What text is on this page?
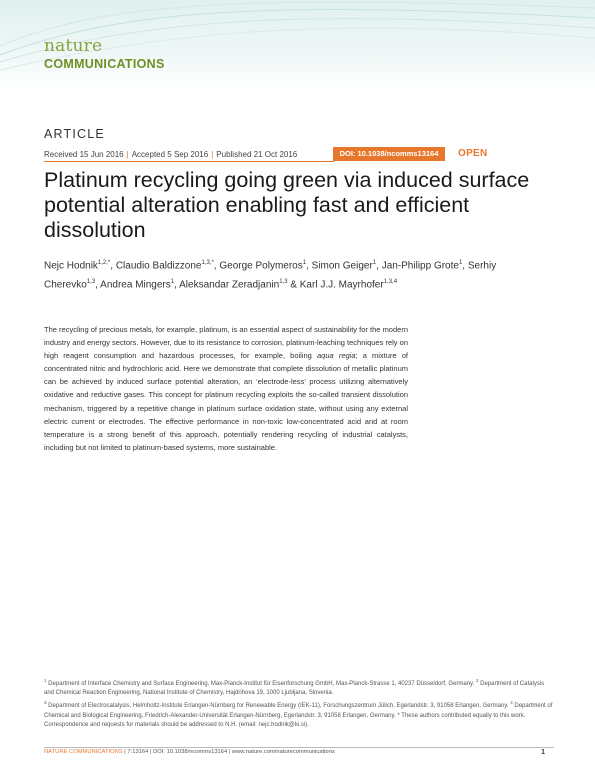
nature
COMMUNICATIONS
ARTICLE
Received 15 Jun 2016 | Accepted 5 Sep 2016 | Published 21 Oct 2016	DOI: 10.1038/ncomms13164	OPEN
Platinum recycling going green via induced surface potential alteration enabling fast and efficient dissolution
Nejc Hodnik$^{1,2,*}$, Claudio Baldizzone$^{1,3,*}$, George Polymeros$^1$, Simon Geiger$^1$, Jan-Philipp Grote$^1$, Serhiy Cherevko$^{1,3}$, Andrea Mingers$^1$, Aleksandar Zeradjanin$^{1,3}$ & Karl J.J. Mayrhofer$^{1,3,4}$
The recycling of precious metals, for example, platinum, is an essential aspect of sustainability for the modern industry and energy sectors. However, due to its resistance to corrosion, platinum-leaching techniques rely on high reagent consumption and hazardous processes, for example, boiling aqua regia; a mixture of concentrated nitric and hydrochloric acid. Here we demonstrate that complete dissolution of metallic platinum can be achieved by induced surface potential alteration, an ‘electrode-less’ process utilizing alternatively oxidative and reductive gases. This concept for platinum recycling exploits the so-called transient dissolution mechanism, triggered by a repetitive change in platinum surface oxidation state, without using any external electric current or electrodes. The effective performance in non-toxic low-concentrated acid and at room temperature is a strong benefit of this approach, potentially rendering recycling of industrial catalysts, including but not limited to platinum-based systems, more sustainable.
$^1$ Department of Interface Chemistry and Surface Engineering, Max-Planck-Institut für Eisenforschung GmbH, Max-Planck-Strasse 1, 40237 Düsseldorf, Germany. $^2$ Department of Catalysis and Chemical Reaction Engineering, National Institute of Chemistry, Hajdrihova 19, 1000 Ljubljana, Slovenia.
$^3$ Department of Electrocatalysis, Helmholtz-Institute Erlangen-Nürnberg for Renewable Energy (IEK-11), Forschungszentrum Jülich, Egerlandstr. 3, 91058 Erlangen, Germany. $^4$ Department of Chemical and Biological Engineering, Friedrich-Alexander-Universität Erlangen-Nürnberg, Egerlandstr. 3, 91058 Erlangen, Germany. * These authors contributed equally to this work. Correspondence and requests for materials should be addressed to N.H. (email: nejc.hodnik@ki.si).
NATURE COMMUNICATIONS | 7:13164 | DOI: 10.1038/ncomms13164 | www.nature.com/naturecommunications	1
